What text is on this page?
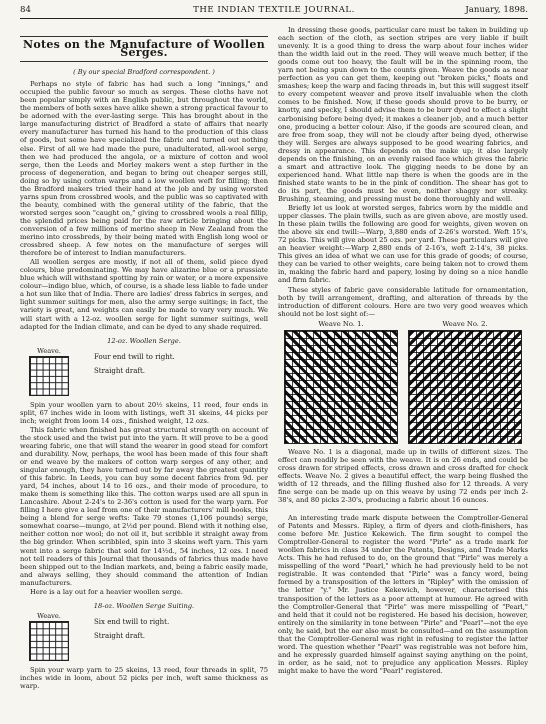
84	THE INDIAN TEXTILE JOURNAL.	January, 1898.
Notes on the Manufacture of Woollen Serges.
( By our special Bradford correspondent. )

Perhaps no style of fabric has had such a long "innings," and occupied the public favour so much as serges. These cloths have not been popular simply with an English public, but throughout the world, the members of both sexes have alike shewn a strong practical favour to be adorned with the ever-lasting serge. This has brought about in the large manufacturing district of Bradford a state of affairs that nearly every manufacturer has turned his hand to the production of this class of goods, but some have specialized the fabric and turned out nothing else. First of all we had made the pure, unadulterated, all-wool serge, then we had produced the angola, or a mixture of cotton and wool serge, then the Leeds and Morley makers went a step further in the process of degeneration, and began to bring out cheaper serges still, doing so by using cotton warps and a low woollen weft for filling; then the Bradford makers tried their hand at the job and by using worsted yarns spun from crossbred wools, and the public was so captivated with the beauty, combined with the general utility of the fabric, that the worsted serges soon "caught on," giving to crossbred wools a real fillip, the splendid prices being paid for the raw article bringing about the conversion of a few millions of merino sheep in New Zealand from the merino into crossbreds, by their being mated with English long wool or crossbred sheep. A few notes on the manufacture of serges will therefore be of interest to Indian manufacturers.

All woollen serges are mostly, if not all of them, solid piece dyed colours, blue predominating. We may have alizarine blue or a prussiate blue which will withstand spotting by rain or water, or a more expensive colour—indigo blue, which, of course, is a shade less liable to fade under a hot sun like that of India. There are ladies' dress fabrics in serges, and light summer suitings for men, also the army serge suitings; in fact, the variety is great, and weights can easily be made to vary very much. We will start with a 12-oz. woollen serge for light summer suitings, well adapted for the Indian climate, and can be dyed to any shade required.

12-oz. Woollen Serge.
Weave.
Four end twill to right.
Straight draft.

Spin your woollen yarn to about 20½ skeins, 11 reed, four ends in split, 67 inches wide in loom with listings, weft 31 skeins, 44 picks per inch; weight from loom 14 ozs., finished weight, 12 ozs.

This fabric when finished has great structural strength on account of the stock used and the twist put into the yarn. It will prove to be a good wearing fabric, one that will stand the wearer in good stead for comfort and durability. Now, perhaps, the wool has been made of this four shaft or end weave by the makers of cotton warp serges of any other, and singular enough, they have turned out by far away the greatest quantity of this fabric. In Leeds, you can buy some decent fabrics from 9d. per yard, 54 inches, about 14 to 16 ozs., and their mode of procedure, to make them is something like this. The cotton warps used are all spun in Lancashire. About 2-24's to 2-36's cotton is used for the warp yarn. For filling I here give a leaf from one of their manufacturers' mill books, this being a blend for serge wefts: Take 79 stones (1,106 pounds) serge, somewhat coarse—mungo, at 2½d per pound. Blend with it nothing else, neither cotton nor wool; do not oil it, but scribble it straight away from the big grinder. When scribbled, spin into 3 skeins weft yarn. This yarn went into a serge fabric that sold for 14½d., 54 inches, 12 ozs. I need not tell readers of this Journal that thousands of fabrics thus made have been shipped out to the Indian markets, and, being a fabric easily made, and always selling, they should command the attention of Indian manufacturers.

Here is a lay out for a heavier woollen serge.

18-oz. Woollen Serge Suiting.
Weave.
Six end twill to right.
Straight draft.

Spin your warp yarn to 25 skeins, 13 reed, four threads in split, 75 inches wide in loom, about 52 picks per inch, weft same thickness as warp.

In dressing these goods, particular care must be taken in building up each section of the cloth, as section stripes are very liable if built unevenly. It is a good thing to dress the warp about four inches wider than the width laid out in the reed. They will weave much better, if the goods come out too heavy, the fault will be in the spinning room, the yarn not being spun down to the counts given. Weave the goods as near perfection as you can get them, keeping out "broken picks," floats and smashes; keep the warp and facing threads in, but this will suggest itself to every competent weaver and prove itself invaluable when the cloth comes to be finished. Now, if these goods should prove to be burry, or knotty, and specky, I should advise them to be burr dyed to effect a slight carbonising before being dyed; it makes a cleaner job, and a much better one, producing a better colour. Also, if the goods are scoured clean, and are free from soap, they will not be cloudy after being dyed, otherwise they will. Serges are always supposed to be good wearing fabrics, and dressy in appearance. This depends on the make up; it also largely depends on the finishing, on an evenly raised face which gives the fabric a smart and attractive look. The gigging needs to be done by an experienced hand. What little nap there is when the goods are in the finished state wants to be in the pink of condition. The shear has got to do its part, the goods must be even, neither shaggy nor streaky. Brushing, steaming, and pressing must be done thoroughly and well.

Briefly let us look at worsted serges, fabrics worn by the middle and upper classes. The plain twills, such as are given above, are mostly used. In these plain twills the following are good for weights, given woven on the above six end twill:—Warp, 3,880 ends of 2-26's worsted. Weft 15's, 72 picks. This will give about 25 ozs. per yard. These particulars will give an heavier weight:—Warp 2,880 ends of 2-16's, weft 2-14's, 38 picks. This gives an idea of what we can use for this grade of goods; of course, they can be varied to other weights, care being taken not to crowd them in, making the fabric hard and papery, losing by doing so a nice handle and firm fabric.

These styles of fabric gave considerable latitude for ornamentation, both by twill arrangement, drafting, and alteration of threads by the introduction of different colours. Here are two very good weaves which should not be lost sight of:—

Weave No. 1.	Weave No. 2.

Weave No. 1 is a diagonal, made up in twills of different sizes. The effect can readily be seen with the weave. It is on 26 ends, and could be cross drawn for striped effects, cross drawn and cross drafted for check effects. Weave No. 2 gives a beautiful effect, the warp being flushed the width of 12 threads, and the filling flushed also for 12 threads. A very fine serge can be made up on this weave by using 72 ends per inch 2-38's, and 80 picks 2-30's, producing a fabric about 16 ounces.

An interesting trade mark dispute between the Comptroller-General of Patents and Messrs. Ripley, a firm of dyers and cloth-finishers, has come before Mr. Justice Kekewich. The firm sought to compel the Comptroller-General to register the word "Pirle" as a trade mark for woollen fabrics in class 34 under the Patents, Designs, and Trade Marks Acts. This he had refused to do, on the ground that "Pirle" was merely a misspelling of the word "Pearl," which he had previously held to be not registrable. It was contended that "Pirle" was a fancy word, being formed by a transposition of the letters in "Ripley" with the omission of the letter "y." Mr. Justice Kekewich, however, characterised this transposition of the letters as a poor attempt at humour. He agreed with the Comptroller-General that "Pirle" was mere misspelling of "Pearl," and held that it could not be registered. He based his decision, however, entirely on the similarity in tone between "Pirle" and "Pearl"—not the eye only, he said, but the ear also must be consulted—and on the assumption that the Comptroller-General was right in refusing to register the latter word. The question whether "Pearl" was registrable was not before him, and he expressly guarded himself against saying anything on the point, in order, as he said, not to prejudice any application Messrs. Ripley might make to have the word "Pearl" registered.
